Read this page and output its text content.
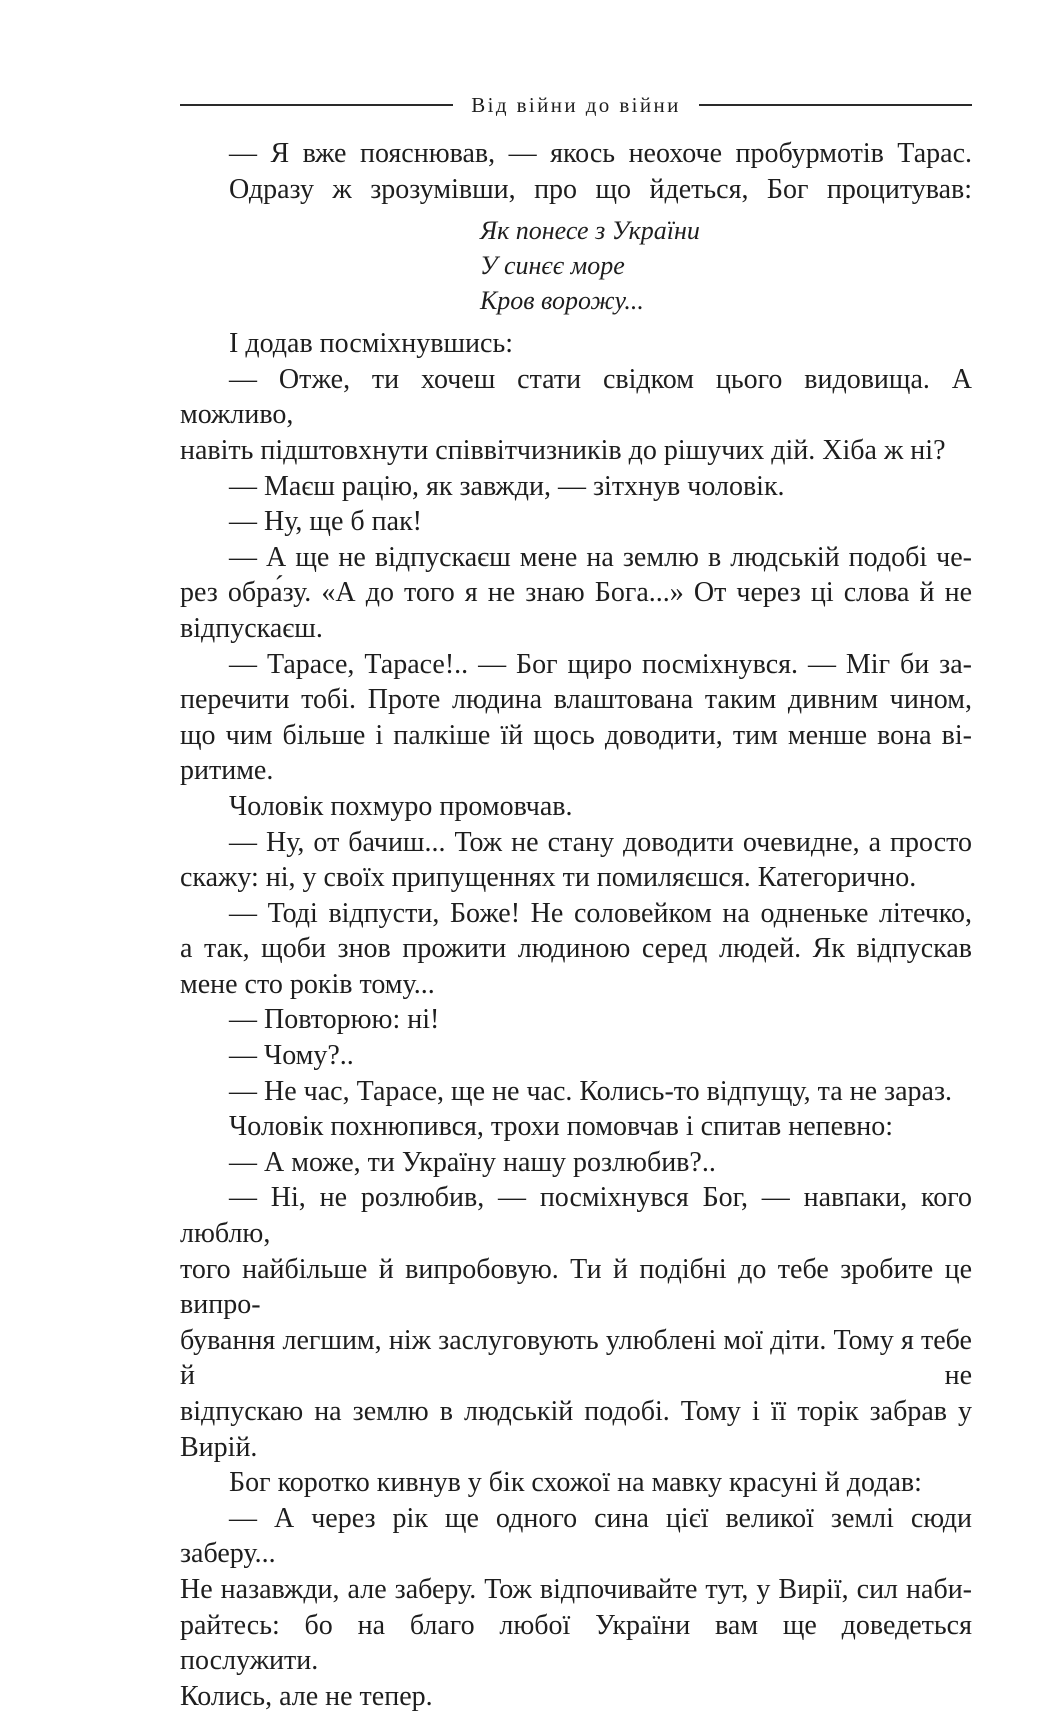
Від війни до війни

— Я вже пояснював, — якось неохоче пробурмотів Тарас.

Одразу ж зрозумівши, про що йдеться, Бог процитував:

Як понесе з України
У синєє море
Кров ворожу...
І додав посміхнувшись:
— Отже, ти хочеш стати свідком цього видовища. А можливо,
навіть підштовхнути співвітчизників до рішучих дій. Хіба ж ні?
— Маєш рацію, як завжди, — зітхнув чоловік.
— Ну, ще б пак!
— А ще не відпускаєш мене на землю в людській подобі че-
рез обра́зу. «А до того я не знаю Бога...» От через ці слова й не
відпускаєш.
— Тарасе, Тарасе!.. — Бог щиро посміхнувся. — Міг би за-
перечити тобі. Проте людина влаштована таким дивним чином,
що чим більше і палкіше їй щось доводити, тим менше вона ві-
ритиме.
Чоловік похмуро промовчав.
— Ну, от бачиш... Тож не стану доводити очевидне, а просто
скажу: ні, у своїх припущеннях ти помиляєшся. Категорично.
— Тоді відпусти, Боже! Не соловейком на одненьке літечко,
а так, щоби знов прожити людиною серед людей. Як відпускав
мене сто років тому...
— Повторюю: ні!
— Чому?..
— Не час, Тарасе, ще не час. Колись-то відпущу, та не зараз.
Чоловік похнюпився, трохи помовчав і спитав непевно:
— А може, ти Україну нашу розлюбив?..
— Ні, не розлюбив, — посміхнувся Бог, — навпаки, кого люблю,
того найбільше й випробовую. Ти й подібні до тебе зробите це випро-
бування легшим, ніж заслуговують улюблені мої діти. Тому я тебе й не
відпускаю на землю в людській подобі. Тому і її торік забрав у Вирій.
Бог коротко кивнув у бік схожої на мавку красуні й додав:
— А через рік ще одного сина цієї великої землі сюди заберу...
Не назавжди, але заберу. Тож відпочивайте тут, у Вирії, сил наби-
райтесь: бо на благо любої України вам ще доведеться послужити.
Колись, але не тепер.
